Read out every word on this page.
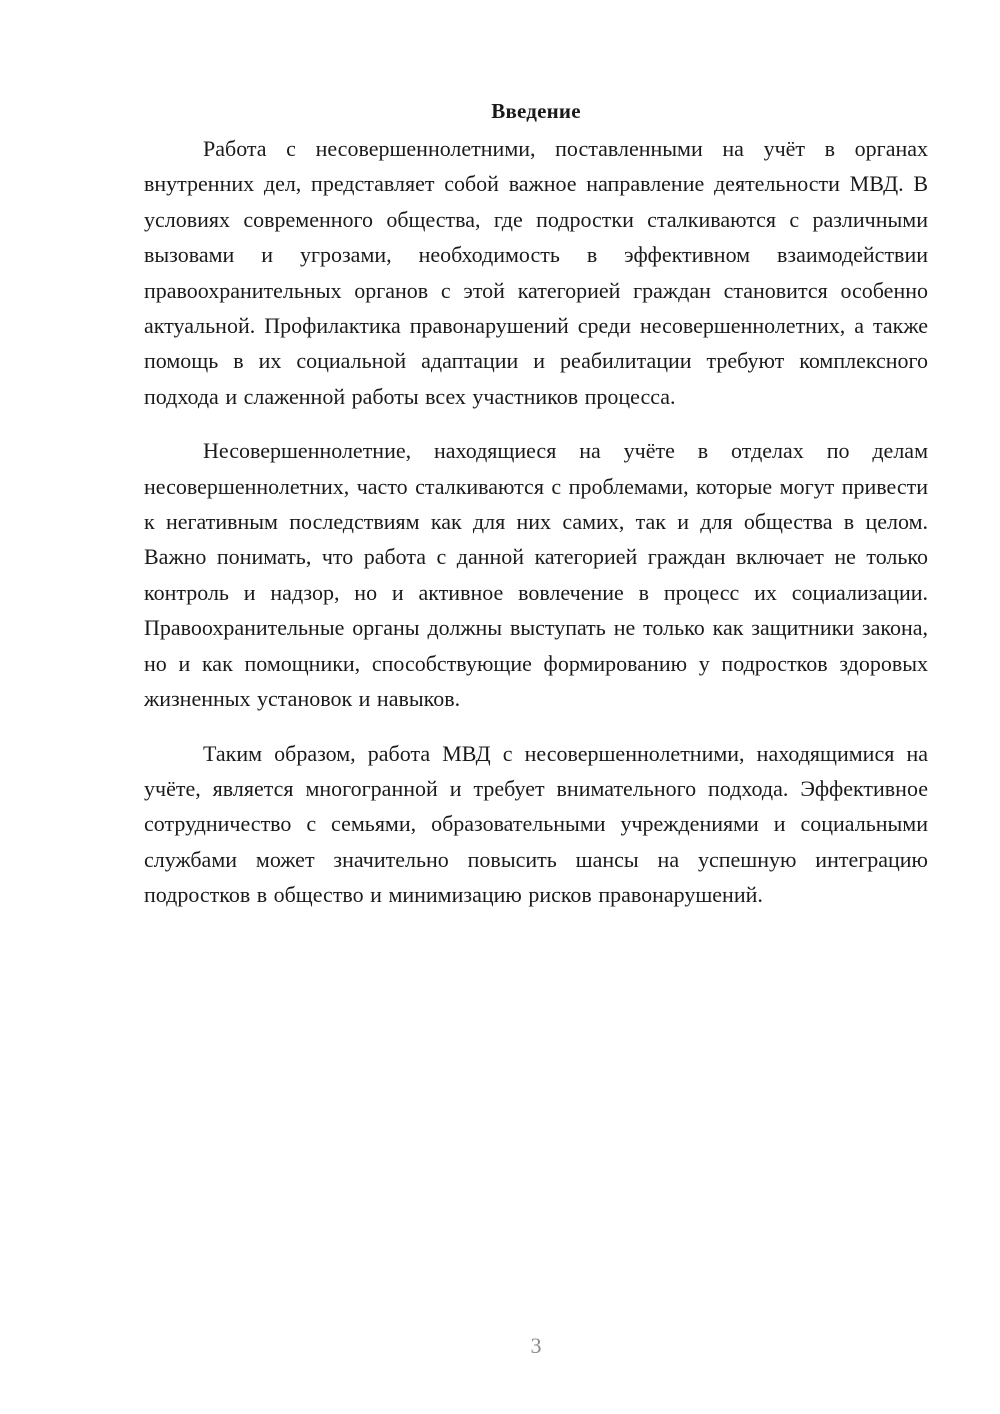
Введение

Работа с несовершеннолетними, поставленными на учёт в органах внутренних дел, представляет собой важное направление деятельности МВД. В условиях современного общества, где подростки сталкиваются с различными вызовами и угрозами, необходимость в эффективном взаимодействии правоохранительных органов с этой категорией граждан становится особенно актуальной. Профилактика правонарушений среди несовершеннолетних, а также помощь в их социальной адаптации и реабилитации требуют комплексного подхода и слаженной работы всех участников процесса.

Несовершеннолетние, находящиеся на учёте в отделах по делам несовершеннолетних, часто сталкиваются с проблемами, которые могут привести к негативным последствиям как для них самих, так и для общества в целом. Важно понимать, что работа с данной категорией граждан включает не только контроль и надзор, но и активное вовлечение в процесс их социализации. Правоохранительные органы должны выступать не только как защитники закона, но и как помощники, способствующие формированию у подростков здоровых жизненных установок и навыков.

Таким образом, работа МВД с несовершеннолетними, находящимися на учёте, является многогранной и требует внимательного подхода. Эффективное сотрудничество с семьями, образовательными учреждениями и социальными службами может значительно повысить шансы на успешную интеграцию подростков в общество и минимизацию рисков правонарушений.

3
